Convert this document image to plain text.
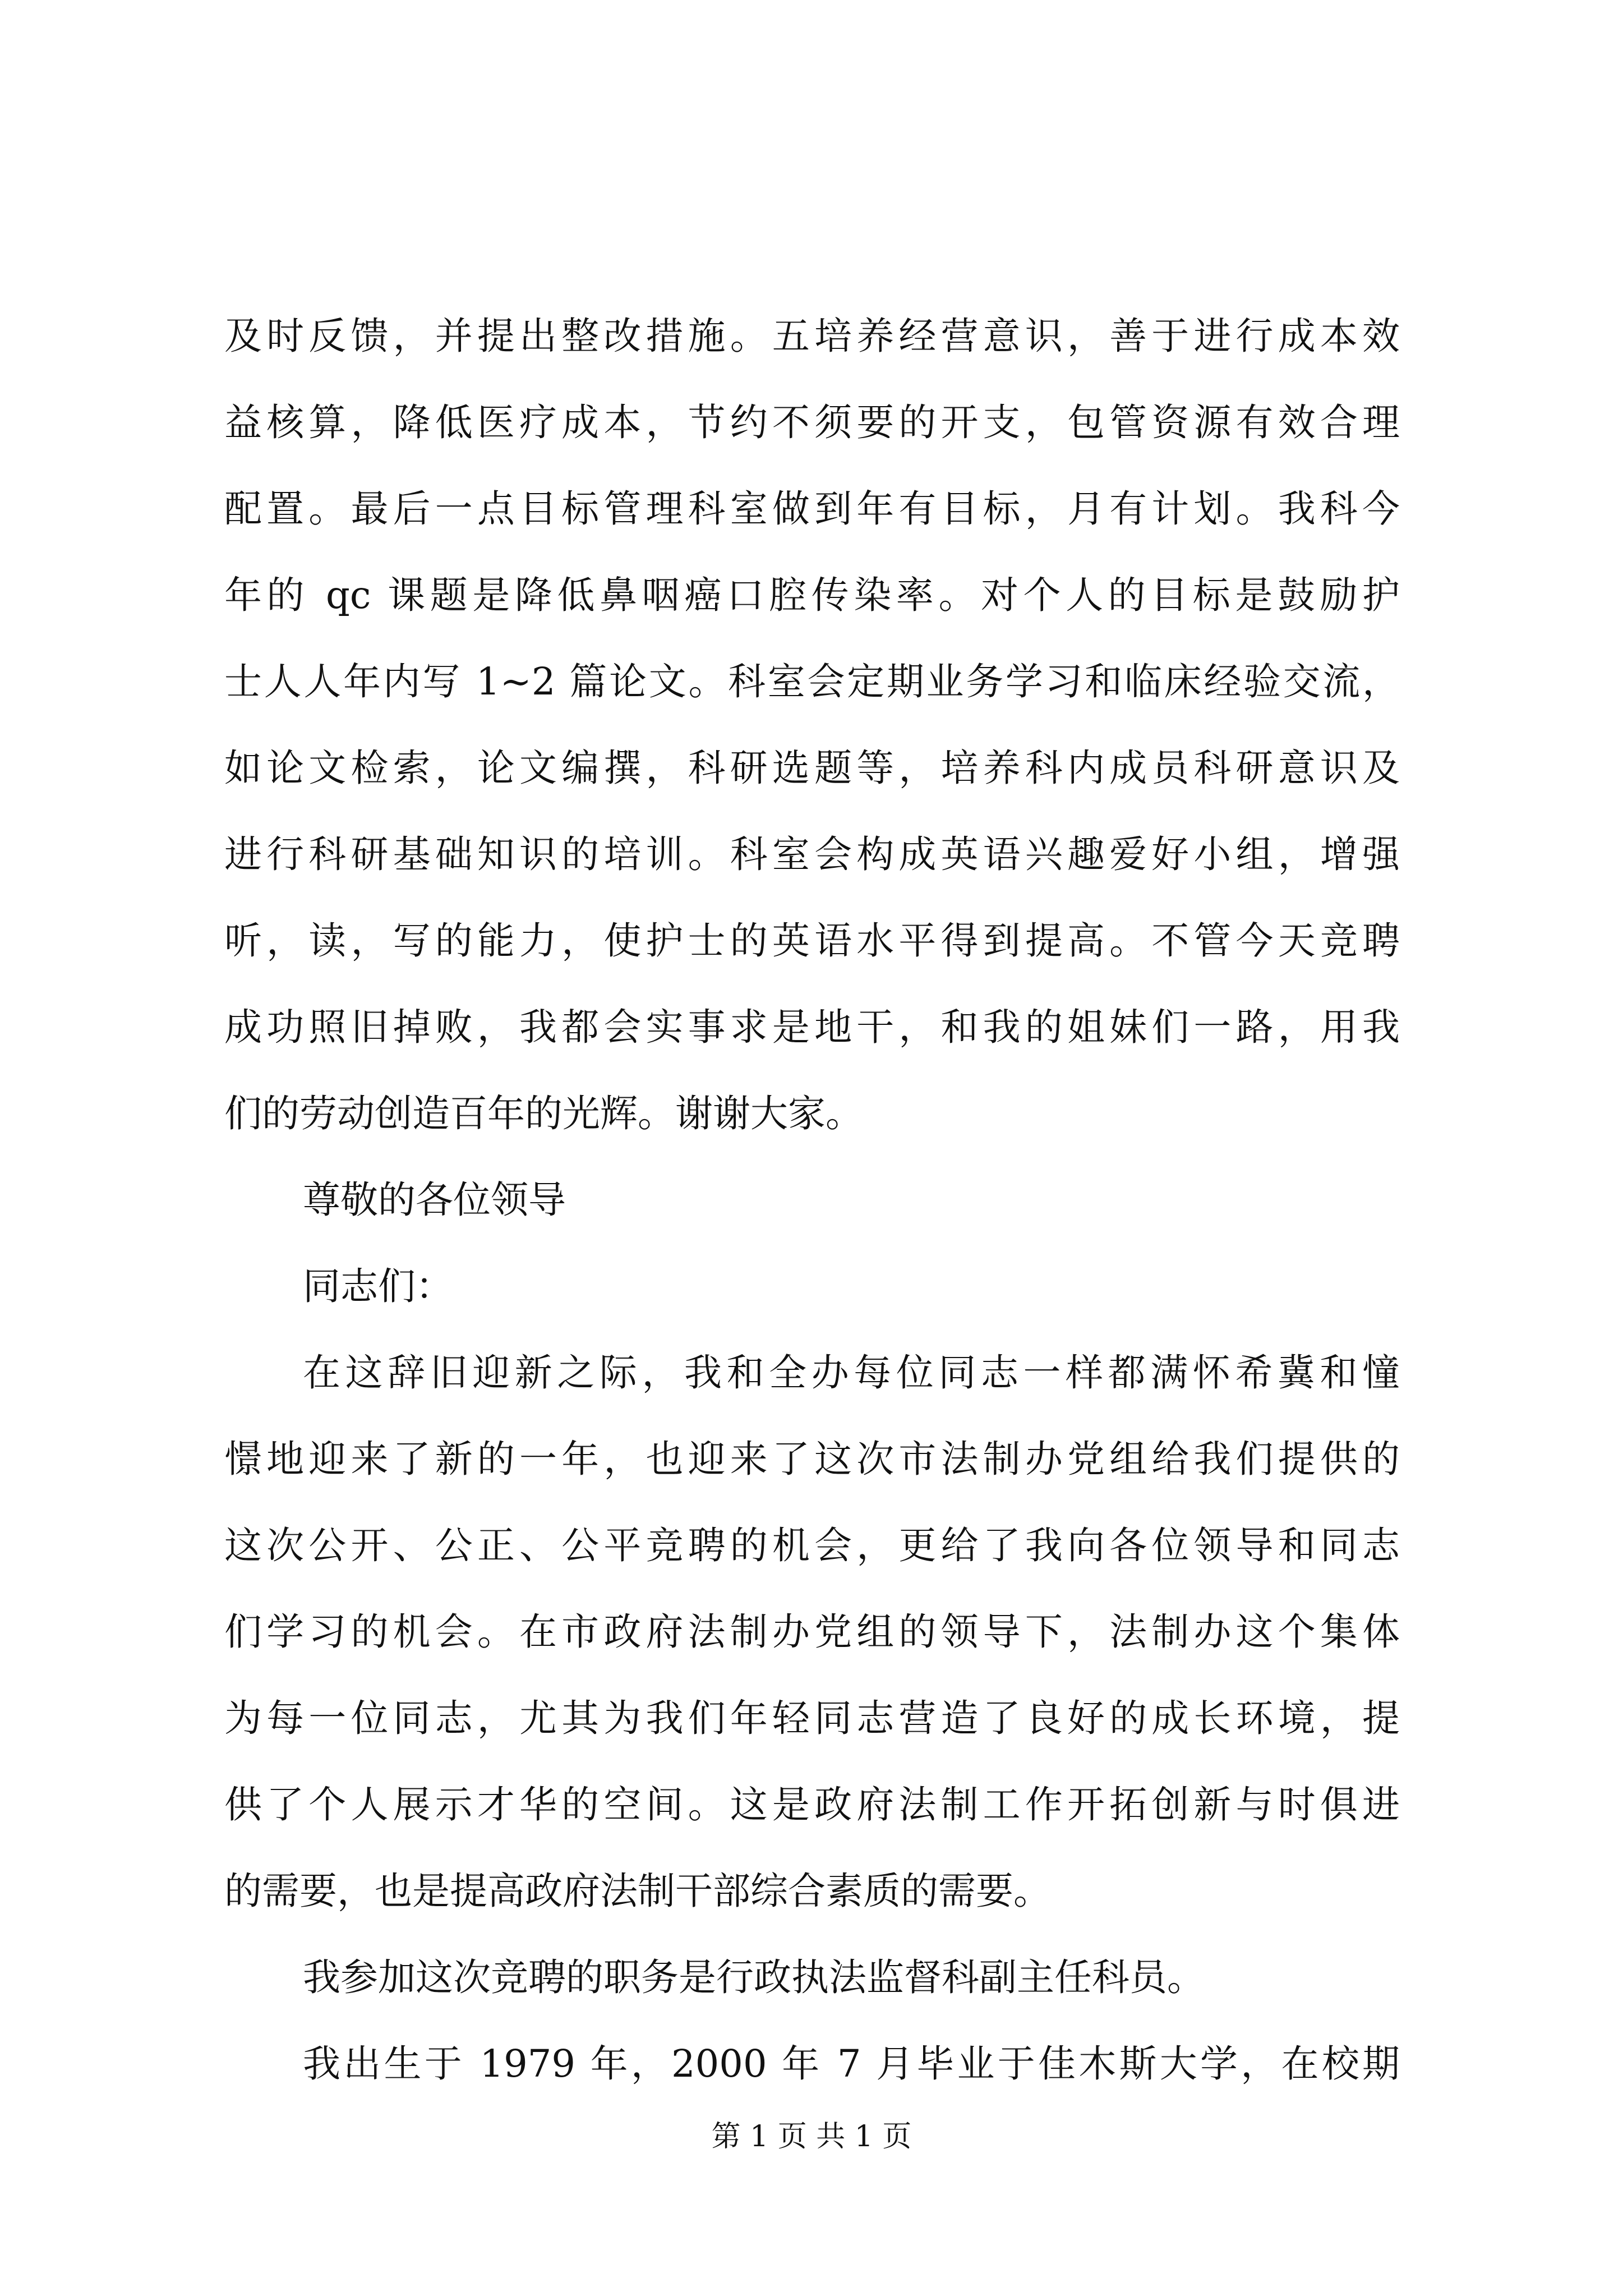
及时反馈，并提出整改措施。五培养经营意识，善于进行成本效
益核算，降低医疗成本，节约不须要的开支，包管资源有效合理
配置。最后一点目标管理科室做到年有目标，月有计划。我科今
年的 qc 课题是降低鼻咽癌口腔传染率。对个人的目标是鼓励护
士人人年内写 1~2 篇论文。科室会定期业务学习和临床经验交流，
如论文检索，论文编撰，科研选题等，培养科内成员科研意识及
进行科研基础知识的培训。科室会构成英语兴趣爱好小组，增强
听，读，写的能力，使护士的英语水平得到提高。不管今天竞聘
成功照旧掉败，我都会实事求是地干，和我的姐妹们一路，用我
们的劳动创造百年的光辉。谢谢大家。
尊敬的各位领导
同志们：
在这辞旧迎新之际，我和全办每位同志一样都满怀希冀和憧
憬地迎来了新的一年，也迎来了这次市法制办党组给我们提供的
这次公开、公正、公平竞聘的机会，更给了我向各位领导和同志
们学习的机会。在市政府法制办党组的领导下，法制办这个集体
为每一位同志，尤其为我们年轻同志营造了良好的成长环境，提
供了个人展示才华的空间。这是政府法制工作开拓创新与时俱进
的需要，也是提高政府法制干部综合素质的需要。
我参加这次竞聘的职务是行政执法监督科副主任科员。
我出生于 1979 年，2000 年 7 月毕业于佳木斯大学，在校期
第 1 页 共 1 页
